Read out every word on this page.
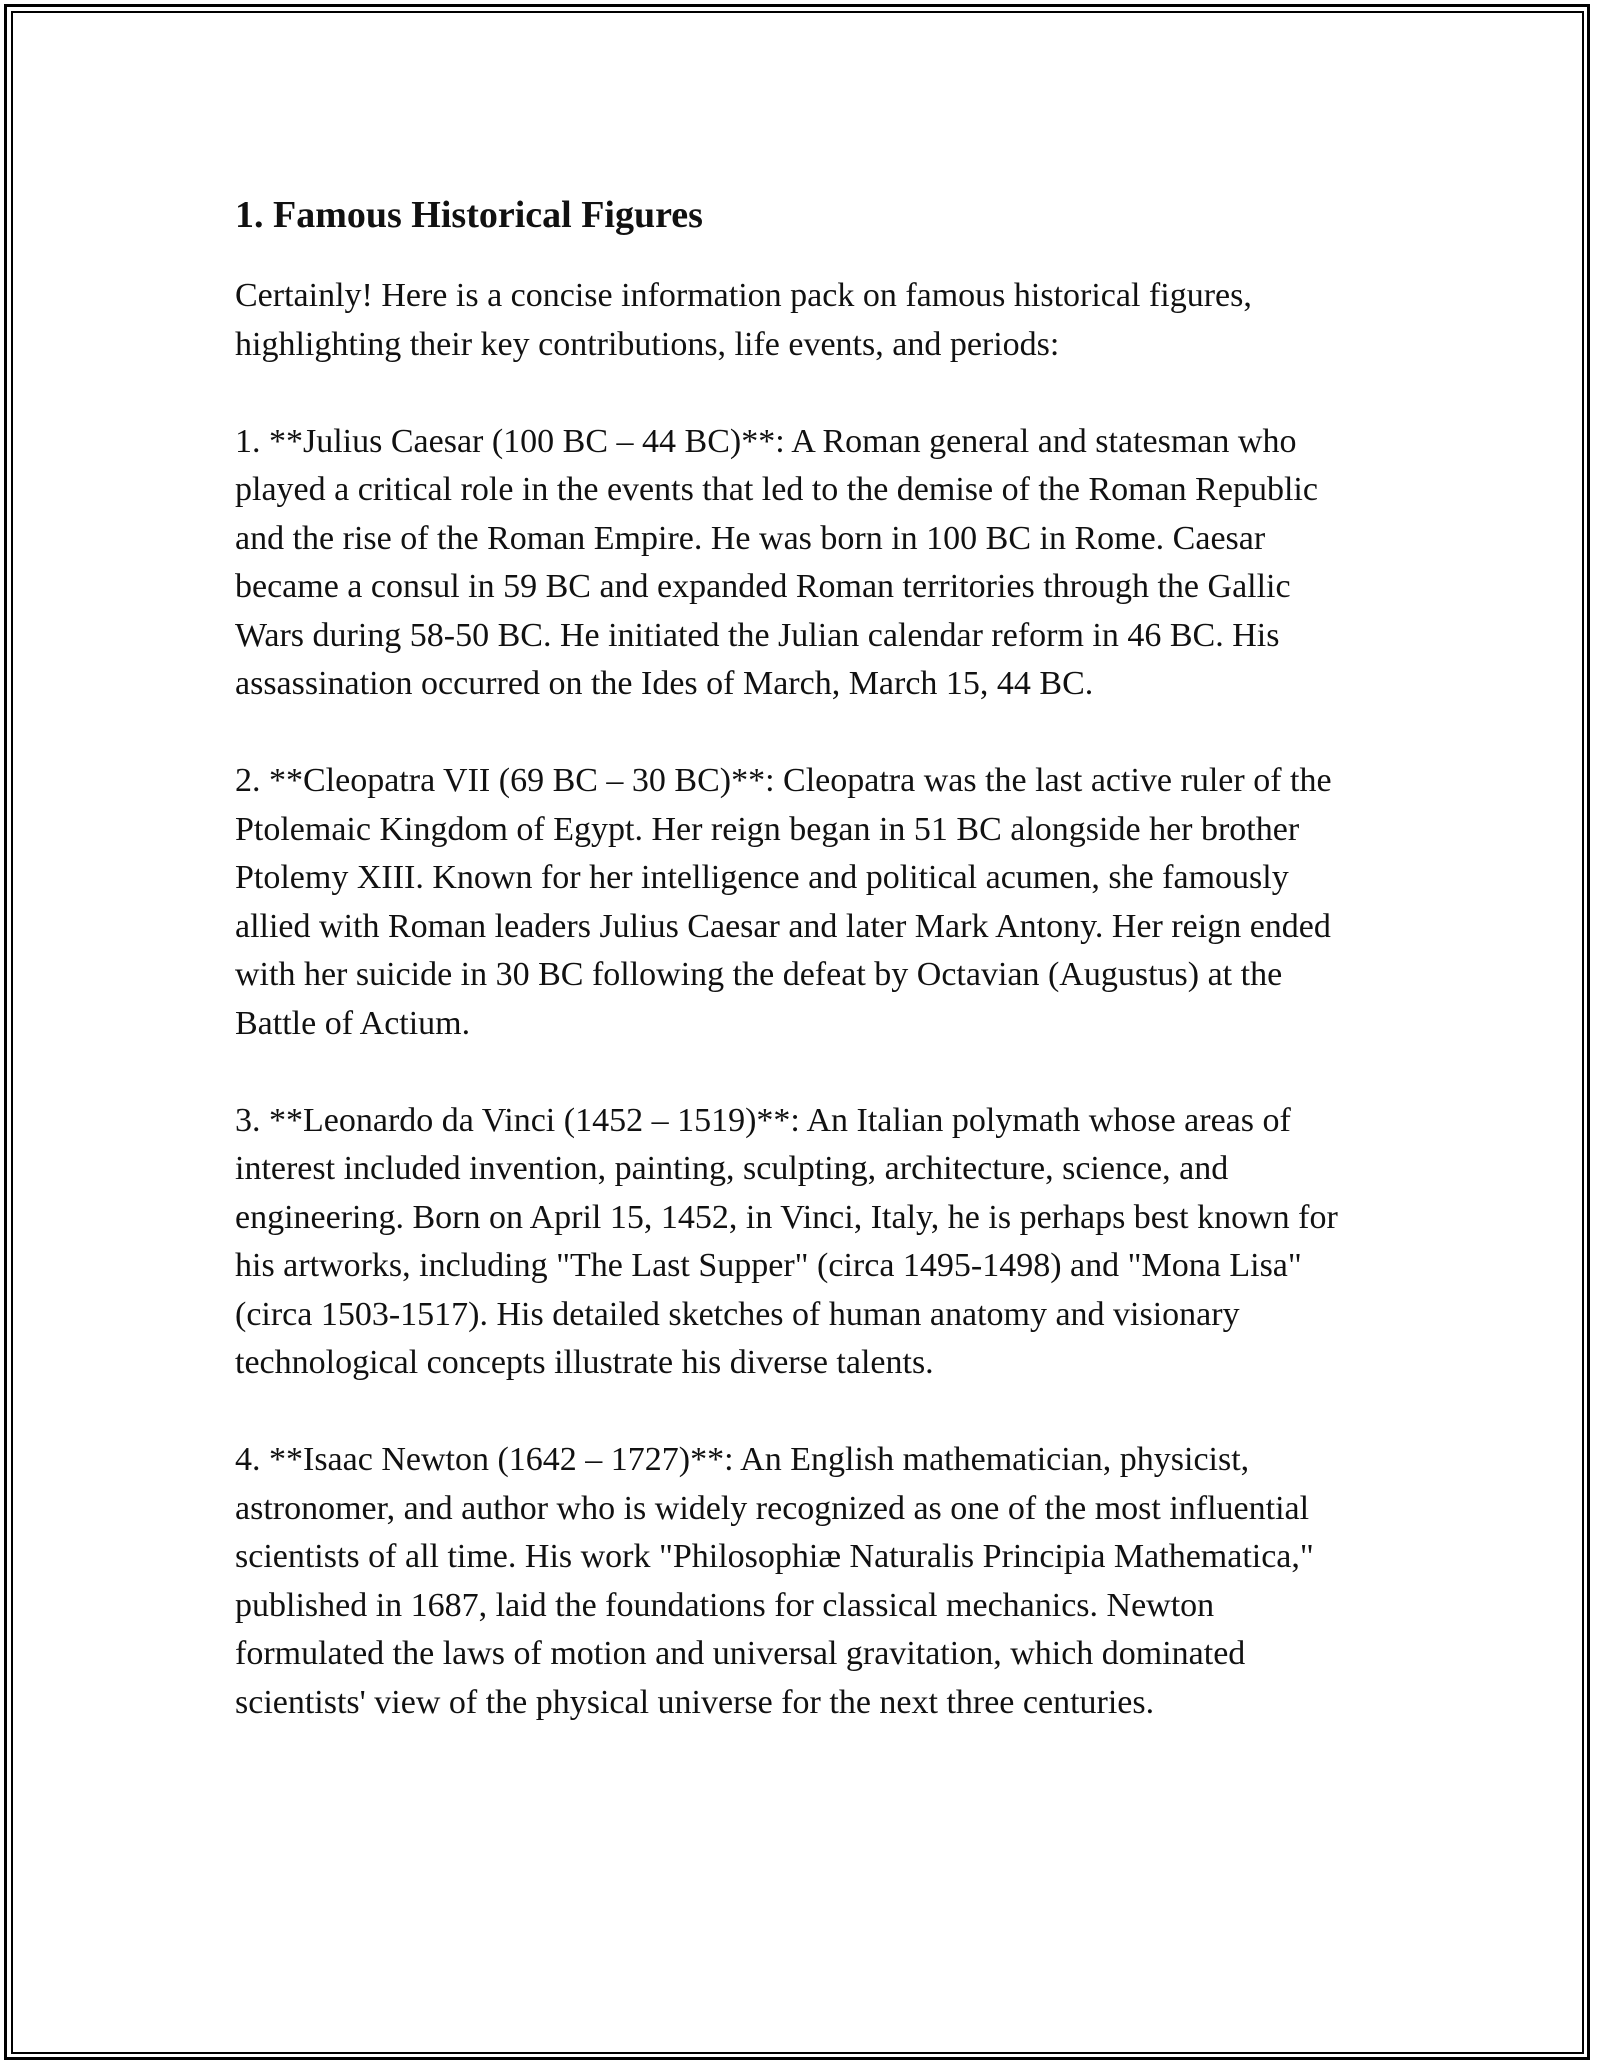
1. Famous Historical Figures

Certainly! Here is a concise information pack on famous historical figures, highlighting their key contributions, life events, and periods:

1. **Julius Caesar (100 BC – 44 BC)**: A Roman general and statesman who played a critical role in the events that led to the demise of the Roman Republic and the rise of the Roman Empire. He was born in 100 BC in Rome. Caesar became a consul in 59 BC and expanded Roman territories through the Gallic Wars during 58-50 BC. He initiated the Julian calendar reform in 46 BC. His assassination occurred on the Ides of March, March 15, 44 BC.

2. **Cleopatra VII (69 BC – 30 BC)**: Cleopatra was the last active ruler of the Ptolemaic Kingdom of Egypt. Her reign began in 51 BC alongside her brother Ptolemy XIII. Known for her intelligence and political acumen, she famously allied with Roman leaders Julius Caesar and later Mark Antony. Her reign ended with her suicide in 30 BC following the defeat by Octavian (Augustus) at the Battle of Actium.

3. **Leonardo da Vinci (1452 – 1519)**: An Italian polymath whose areas of interest included invention, painting, sculpting, architecture, science, and engineering. Born on April 15, 1452, in Vinci, Italy, he is perhaps best known for his artworks, including "The Last Supper" (circa 1495-1498) and "Mona Lisa" (circa 1503-1517). His detailed sketches of human anatomy and visionary technological concepts illustrate his diverse talents.

4. **Isaac Newton (1642 – 1727)**: An English mathematician, physicist, astronomer, and author who is widely recognized as one of the most influential scientists of all time. His work "Philosophiæ Naturalis Principia Mathematica," published in 1687, laid the foundations for classical mechanics. Newton formulated the laws of motion and universal gravitation, which dominated scientists' view of the physical universe for the next three centuries.
